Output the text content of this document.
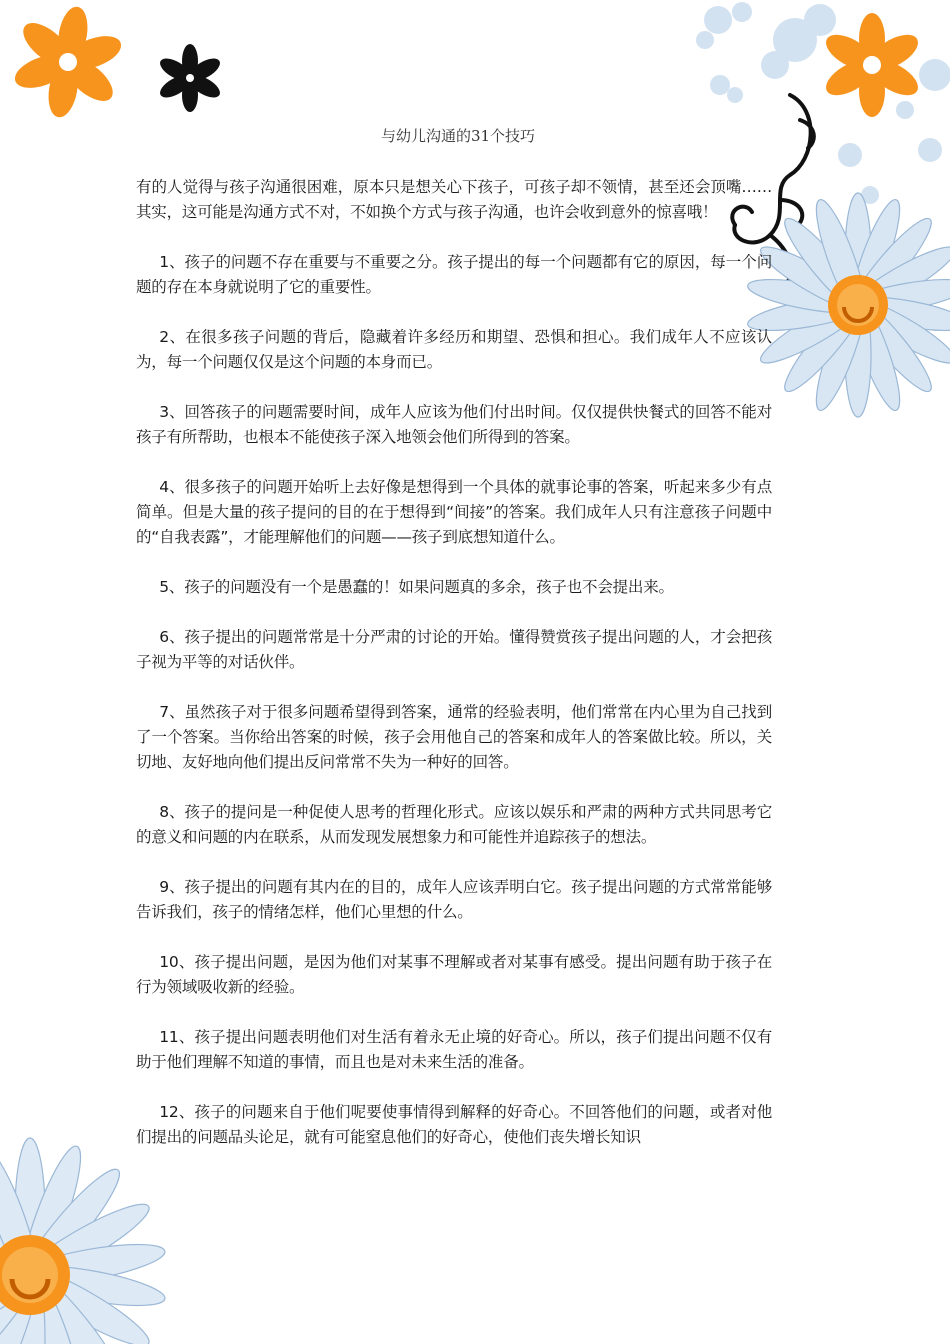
与幼儿沟通的31个技巧

有的人觉得与孩子沟通很困难，原本只是想关心下孩子，可孩子却不领情，甚至还会顶嘴……其实，这可能是沟通方式不对，不如换个方式与孩子沟通，也许会收到意外的惊喜哦！

1、孩子的问题不存在重要与不重要之分。孩子提出的每一个问题都有它的原因，每一个问题的存在本身就说明了它的重要性。

2、在很多孩子问题的背后，隐藏着许多经历和期望、恐惧和担心。我们成年人不应该认为，每一个问题仅仅是这个问题的本身而已。

3、回答孩子的问题需要时间，成年人应该为他们付出时间。仅仅提供快餐式的回答不能对孩子有所帮助，也根本不能使孩子深入地领会他们所得到的答案。

4、很多孩子的问题开始听上去好像是想得到一个具体的就事论事的答案，听起来多少有点简单。但是大量的孩子提问的目的在于想得到“间接”的答案。我们成年人只有注意孩子问题中的“自我表露”，才能理解他们的问题——孩子到底想知道什么。

5、孩子的问题没有一个是愚蠢的！如果问题真的多余，孩子也不会提出来。

6、孩子提出的问题常常是十分严肃的讨论的开始。懂得赞赏孩子提出问题的人，才会把孩子视为平等的对话伙伴。

7、虽然孩子对于很多问题希望得到答案，通常的经验表明，他们常常在内心里为自己找到了一个答案。当你给出答案的时候，孩子会用他自己的答案和成年人的答案做比较。所以，关切地、友好地向他们提出反问常常不失为一种好的回答。

8、孩子的提问是一种促使人思考的哲理化形式。应该以娱乐和严肃的两种方式共同思考它的意义和问题的内在联系，从而发现发展想象力和可能性并追踪孩子的想法。

9、孩子提出的问题有其内在的目的，成年人应该弄明白它。孩子提出问题的方式常常能够告诉我们，孩子的情绪怎样，他们心里想的什么。

10、孩子提出问题，是因为他们对某事不理解或者对某事有感受。提出问题有助于孩子在行为领域吸收新的经验。

11、孩子提出问题表明他们对生活有着永无止境的好奇心。所以，孩子们提出问题不仅有助于他们理解不知道的事情，而且也是对未来生活的准备。

12、孩子的问题来自于他们呢要使事情得到解释的好奇心。不回答他们的问题，或者对他们提出的问题品头论足，就有可能窒息他们的好奇心，使他们丧失增长知识
